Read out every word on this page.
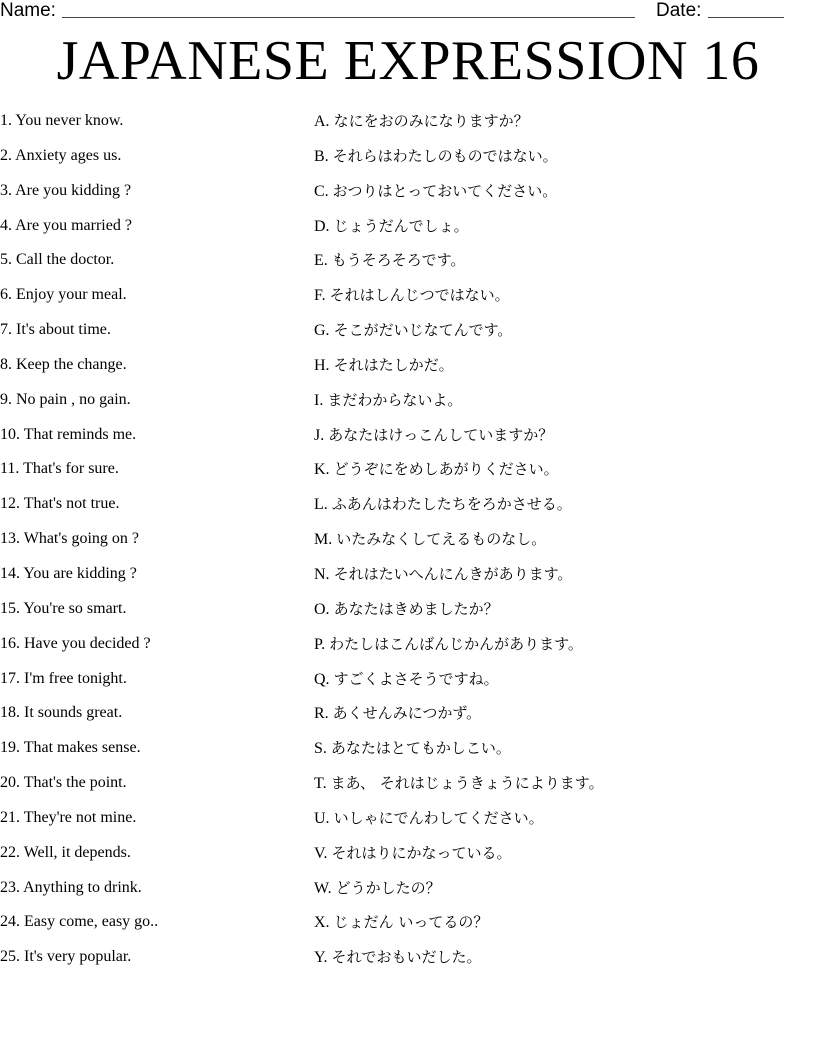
Name:	Date:
JAPANESE EXPRESSION 16
1. You never know.
2. Anxiety ages us.
3. Are you kidding ?
4. Are you married ?
5. Call the doctor.
6. Enjoy your meal.
7. It's about time.
8. Keep the change.
9. No pain , no gain.
10. That reminds me.
11. That's for sure.
12. That's not true.
13. What's going on ?
14. You are kidding ?
15. You're so smart.
16. Have you decided ?
17. I'm free tonight.
18. It sounds great.
19. That makes sense.
20. That's the point.
21. They're not mine.
22. Well, it depends.
23. Anything to drink.
24. Easy come, easy go..
25. It's very popular.
A. なにをおのみになりますか？
B. それらはわたしのものではない。
C. おつりはとっておいてください。
D. じょうだんでしょ。
E. もうそろそろです。
F. それはしんじつではない。
G. そこがだいじなてんです。
H. それはたしかだ。
I. まだわからないよ。
J. あなたはけっこんしていますか？
K. どうぞにをめしあがりください。
L. ふあんはわたしたちをろかさせる。
M. いたみなくしてえるものなし。
N. それはたいへんにんきがあります。
O. あなたはきめましたか？
P. わたしはこんばんじかんがあります。
Q. すごくよさそうですね。
R. あくせんみにつかず。
S. あなたはとてもかしこい。
T. まあ、 それはじょうきょうによります。
U. いしゃにでんわしてください。
V. それはりにかなっている。
W. どうかしたの？
X. じょだん いってるの？
Y. それでおもいだした。
